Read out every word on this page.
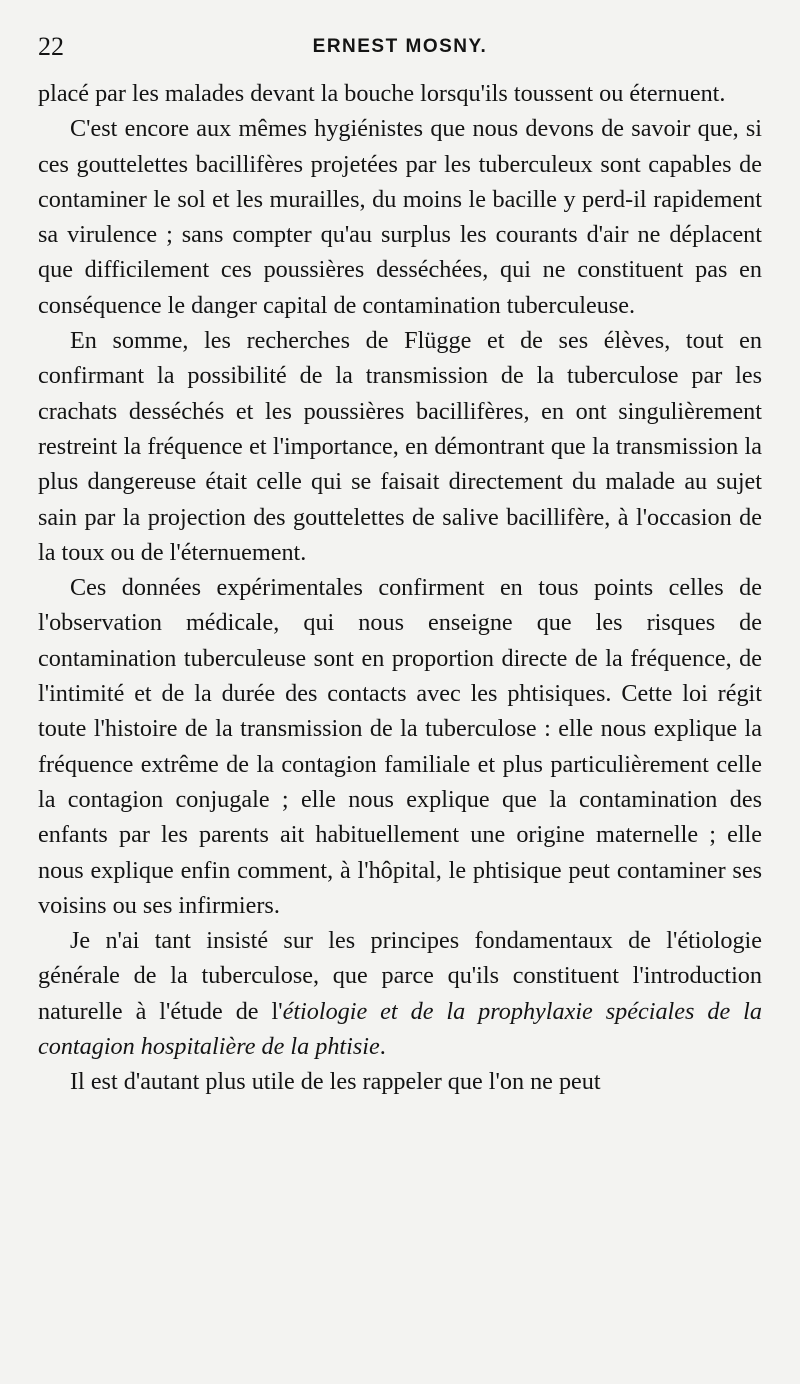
22	ERNEST MOSNY.

placé par les malades devant la bouche lorsqu'ils toussent ou éternuent.

C'est encore aux mêmes hygiénistes que nous devons de savoir que, si ces gouttelettes bacillifères projetées par les tuberculeux sont capables de contaminer le sol et les murailles, du moins le bacille y perd-il rapidement sa virulence ; sans compter qu'au surplus les courants d'air ne déplacent que difficilement ces poussières desséchées, qui ne constituent pas en conséquence le danger capital de contamination tuberculeuse.

En somme, les recherches de Flügge et de ses élèves, tout en confirmant la possibilité de la transmission de la tuberculose par les crachats desséchés et les poussières bacillifères, en ont singulièrement restreint la fréquence et l'importance, en démontrant que la transmission la plus dangereuse était celle qui se faisait directement du malade au sujet sain par la projection des gouttelettes de salive bacillifère, à l'occasion de la toux ou de l'éternuement.

Ces données expérimentales confirment en tous points celles de l'observation médicale, qui nous enseigne que les risques de contamination tuberculeuse sont en proportion directe de la fréquence, de l'intimité et de la durée des contacts avec les phtisiques. Cette loi régit toute l'histoire de la transmission de la tuberculose : elle nous explique la fréquence extrême de la contagion familiale et plus particulièrement celle la contagion conjugale ; elle nous explique que la contamination des enfants par les parents ait habituellement une origine maternelle ; elle nous explique enfin comment, à l'hôpital, le phtisique peut contaminer ses voisins ou ses infirmiers.

Je n'ai tant insisté sur les principes fondamentaux de l'étiologie générale de la tuberculose, que parce qu'ils constituent l'introduction naturelle à l'étude de l'étiologie et de la prophylaxie spéciales de la contagion hospitalière de la phtisie.

Il est d'autant plus utile de les rappeler que l'on ne peut
